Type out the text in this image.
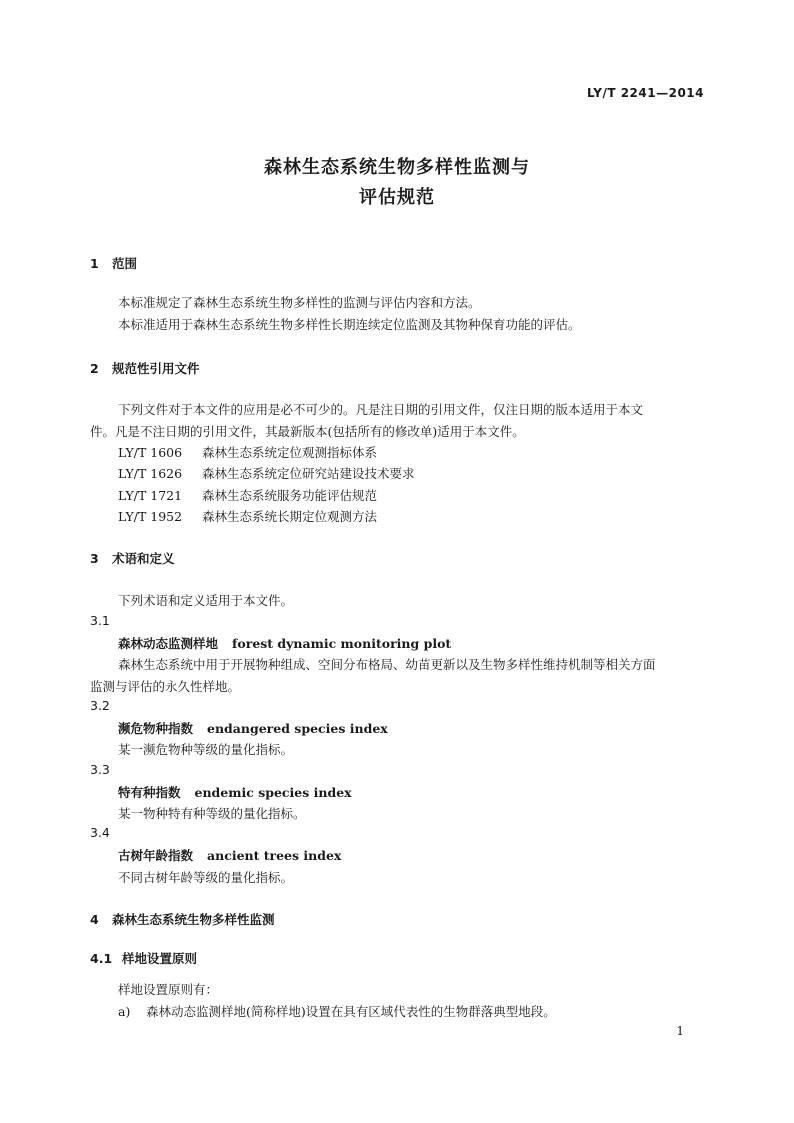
LY/T 2241—2014
森林生态系统生物多样性监测与
评估规范
1 范围
本标准规定了森林生态系统生物多样性的监测与评估内容和方法。
本标准适用于森林生态系统生物多样性长期连续定位监测及其物种保育功能的评估。
2 规范性引用文件
下列文件对于本文件的应用是必不可少的。凡是注日期的引用文件，仅注日期的版本适用于本文
件。凡是不注日期的引用文件，其最新版本(包括所有的修改单)适用于本文件。
LY/T 1606 森林生态系统定位观测指标体系
LY/T 1626 森林生态系统定位研究站建设技术要求
LY/T 1721 森林生态系统服务功能评估规范
LY/T 1952 森林生态系统长期定位观测方法
3 术语和定义
下列术语和定义适用于本文件。
3.1
森林动态监测样地 forest dynamic monitoring plot
森林生态系统中用于开展物种组成、空间分布格局、幼苗更新以及生物多样性维持机制等相关方面
监测与评估的永久性样地。
3.2
濒危物种指数 endangered species index
某一濒危物种等级的量化指标。
3.3
特有种指数 endemic species index
某一物种特有种等级的量化指标。
3.4
古树年龄指数 ancient trees index
不同古树年龄等级的量化指标。
4 森林生态系统生物多样性监测
4.1 样地设置原则
样地设置原则有：
a) 森林动态监测样地(简称样地)设置在具有区域代表性的生物群落典型地段。
1
